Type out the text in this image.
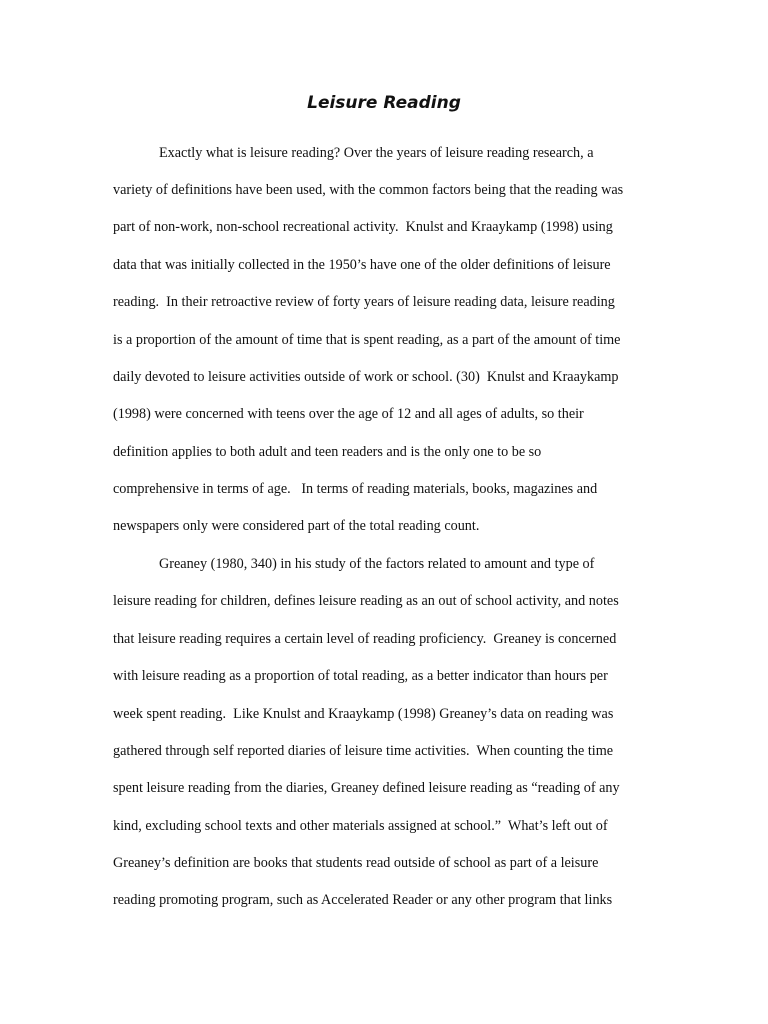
Leisure Reading
Exactly what is leisure reading? Over the years of leisure reading research, a
variety of definitions have been used, with the common factors being that the reading was
part of non-work, non-school recreational activity.  Knulst and Kraaykamp (1998) using
data that was initially collected in the 1950’s have one of the older definitions of leisure
reading.  In their retroactive review of forty years of leisure reading data, leisure reading
is a proportion of the amount of time that is spent reading, as a part of the amount of time
daily devoted to leisure activities outside of work or school. (30)  Knulst and Kraaykamp
(1998) were concerned with teens over the age of 12 and all ages of adults, so their
definition applies to both adult and teen readers and is the only one to be so
comprehensive in terms of age.   In terms of reading materials, books, magazines and
newspapers only were considered part of the total reading count.
Greaney (1980, 340) in his study of the factors related to amount and type of
leisure reading for children, defines leisure reading as an out of school activity, and notes
that leisure reading requires a certain level of reading proficiency.  Greaney is concerned
with leisure reading as a proportion of total reading, as a better indicator than hours per
week spent reading.  Like Knulst and Kraaykamp (1998) Greaney’s data on reading was
gathered through self reported diaries of leisure time activities.  When counting the time
spent leisure reading from the diaries, Greaney defined leisure reading as “reading of any
kind, excluding school texts and other materials assigned at school.”  What’s left out of
Greaney’s definition are books that students read outside of school as part of a leisure
reading promoting program, such as Accelerated Reader or any other program that links
